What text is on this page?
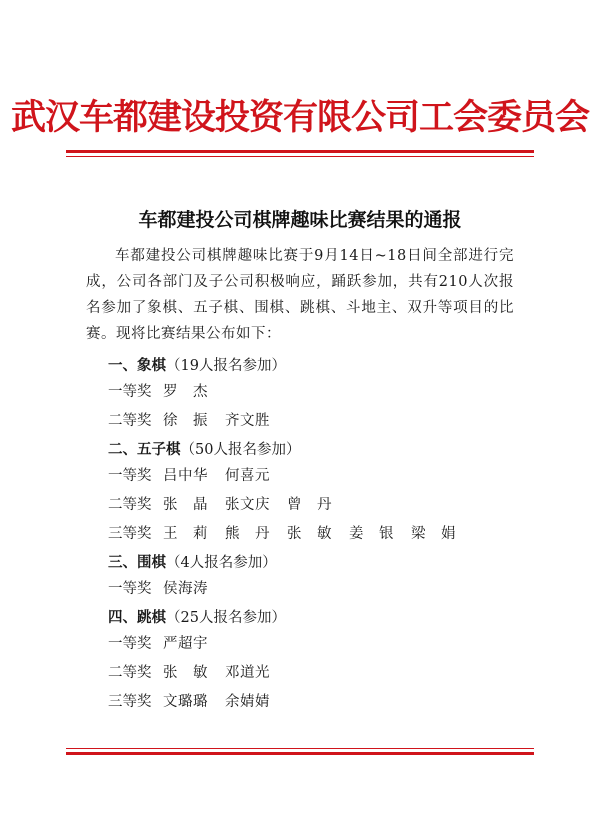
武汉车都建设投资有限公司工会委员会
车都建投公司棋牌趣味比赛结果的通报

车都建投公司棋牌趣味比赛于9月14日~18日间全部进行完成，公司各部门及子公司积极响应，踊跃参加，共有210人次报名参加了象棋、五子棋、围棋、跳棋、斗地主、双升等项目的比赛。现将比赛结果公布如下：

一、象棋（19人报名参加）
一等奖 罗　杰
二等奖 徐　振 齐文胜
二、五子棋（50人报名参加）
一等奖 吕中华 何喜元
二等奖 张　晶 张文庆 曾　丹
三等奖 王　莉 熊　丹 张　敏 姜　银 梁　娟
三、围棋（4人报名参加）
一等奖 侯海涛
四、跳棋（25人报名参加）
一等奖 严超宇
二等奖 张　敏 邓道光
三等奖 文璐璐 余婧婧
